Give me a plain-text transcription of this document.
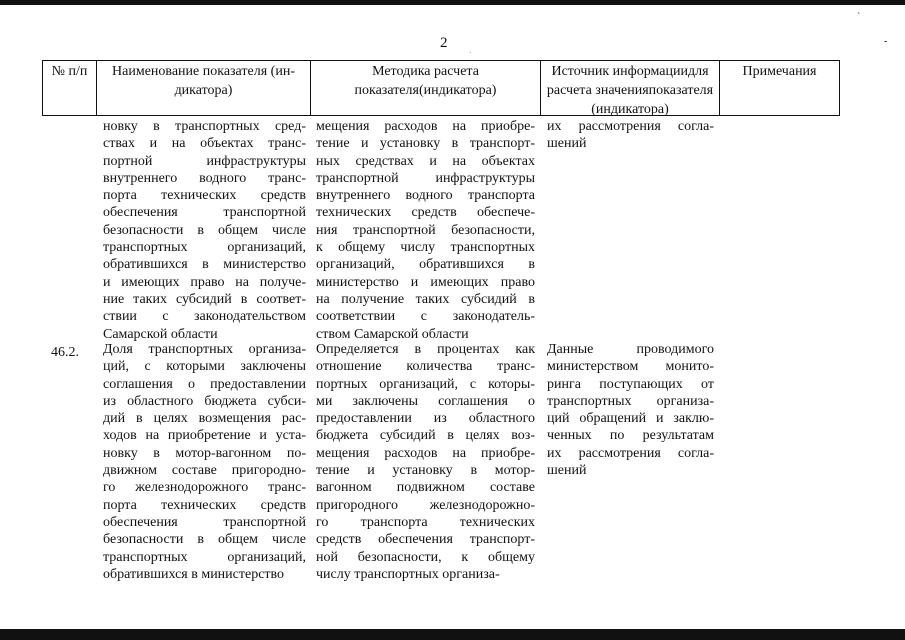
`
-
·
2
№ п/п	Наименование показателя (ин-дикатора)
Методика расчета показателя(индикатора)
Источник информациидля расчета значенияпоказателя (индикатора)
Примечания
новку в транспортных сред-
ствах и на объектах транс-
портной инфраструктуры
внутреннего водного транс-
порта технических средств
обеспечения транспортной
безопасности в общем числе
транспортных организаций,
обратившихся в министерство
и имеющих право на получе-
ние таких субсидий в соответ-
ствии с законодательством
Самарской области
мещения расходов на приобре-
тение и установку в транспорт-
ных средствах и на объектах
транспортной инфраструктуры
внутреннего водного транспорта
технических средств обеспече-
ния транспортной безопасности,
к общему числу транспортных
организаций, обратившихся в
министерство и имеющих право
на получение таких субсидий в
соответствии с законодатель-
ством Самарской области
их рассмотрения согла-
шений
46.2. Доля транспортных организа-
ций, с которыми заключены
соглашения о предоставлении
из областного бюджета субси-
дий в целях возмещения рас-
ходов на приобретение и уста-
новку в мотор-вагонном по-
движном составе пригородно-
го железнодорожного транс-
порта технических средств
обеспечения транспортной
безопасности в общем числе
транспортных организаций,
обратившихся в министерство
Определяется в процентах как
отношение количества транс-
портных организаций, с которы-
ми заключены соглашения о
предоставлении из областного
бюджета субсидий в целях воз-
мещения расходов на приобре-
тение и установку в мотор-
вагонном подвижном составе
пригородного железнодорожно-
го транспорта технических
средств обеспечения транспорт-
ной безопасности, к общему
числу транспортных организа-
Данные проводимого
министерством монито-
ринга поступающих от
транспортных организа-
ций обращений и заклю-
ченных по результатам
их рассмотрения согла-
шений
